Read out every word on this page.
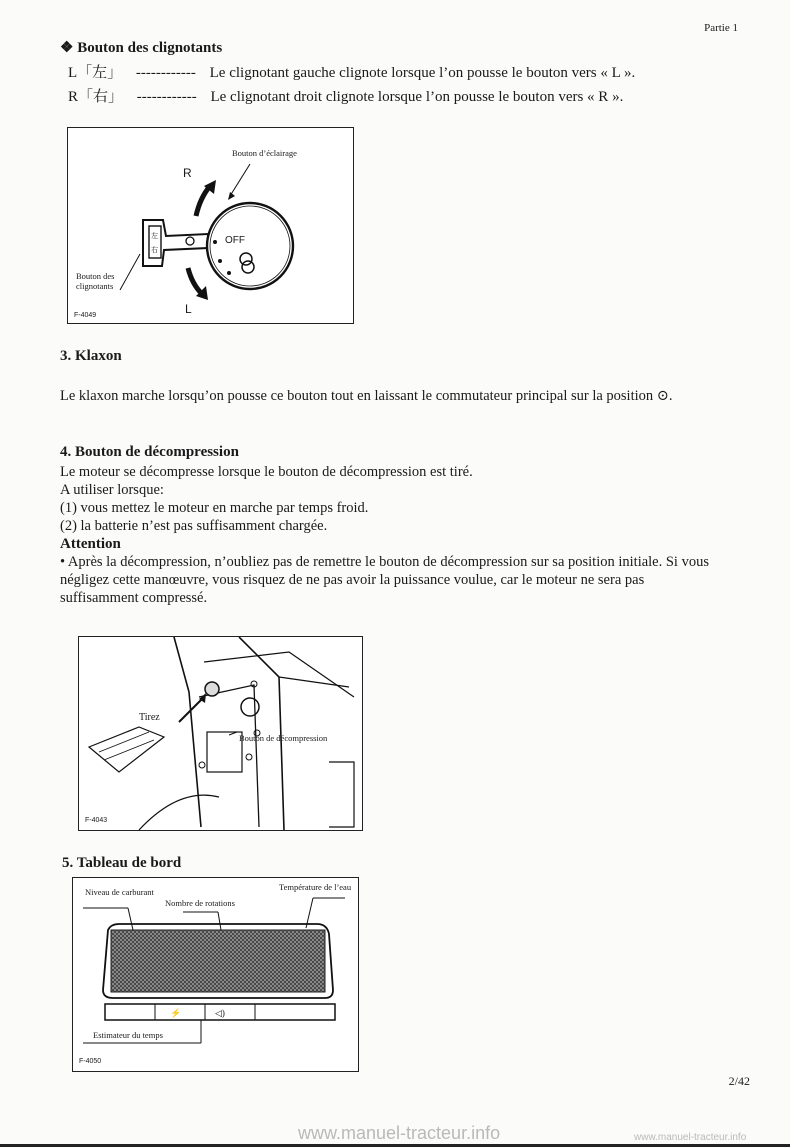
Partie 1
❖ Bouton des clignotants
L「左」 ------------ Le clignotant gauche clignote lorsque l’on pousse le bouton vers « L ».
R「右」 ------------ Le clignotant droit clignote lorsque l’on pousse le bouton vers « R ».
左
右
Bouton d’éclairage
R
L
OFF
Bouton des clignotants
F-4049
3. Klaxon
Le klaxon marche lorsqu’on pousse ce bouton tout en laissant le commutateur principal sur la position ⊙.
4. Bouton de décompression
Le moteur se décompresse lorsque le bouton de décompression est tiré.
A utiliser lorsque:
(1) vous mettez le moteur en marche par temps froid.
(2) la batterie n’est pas suffisamment chargée.
Attention
• Après la décompression, n’oubliez pas de remettre le bouton de décompression sur sa position initiale. Si vous négligez cette manœuvre, vous risquez de ne pas avoir la puissance voulue, car le moteur ne sera pas suffisamment compressé.
Tirez
Bouton de décompression
F-4043
5. Tableau de bord
⚡	◁)
Niveau de carburant
Nombre de rotations
Température de l’eau
Estimateur du temps
F-4050
2/42
www.manuel-tracteur.info	www.manuel-tracteur.info
